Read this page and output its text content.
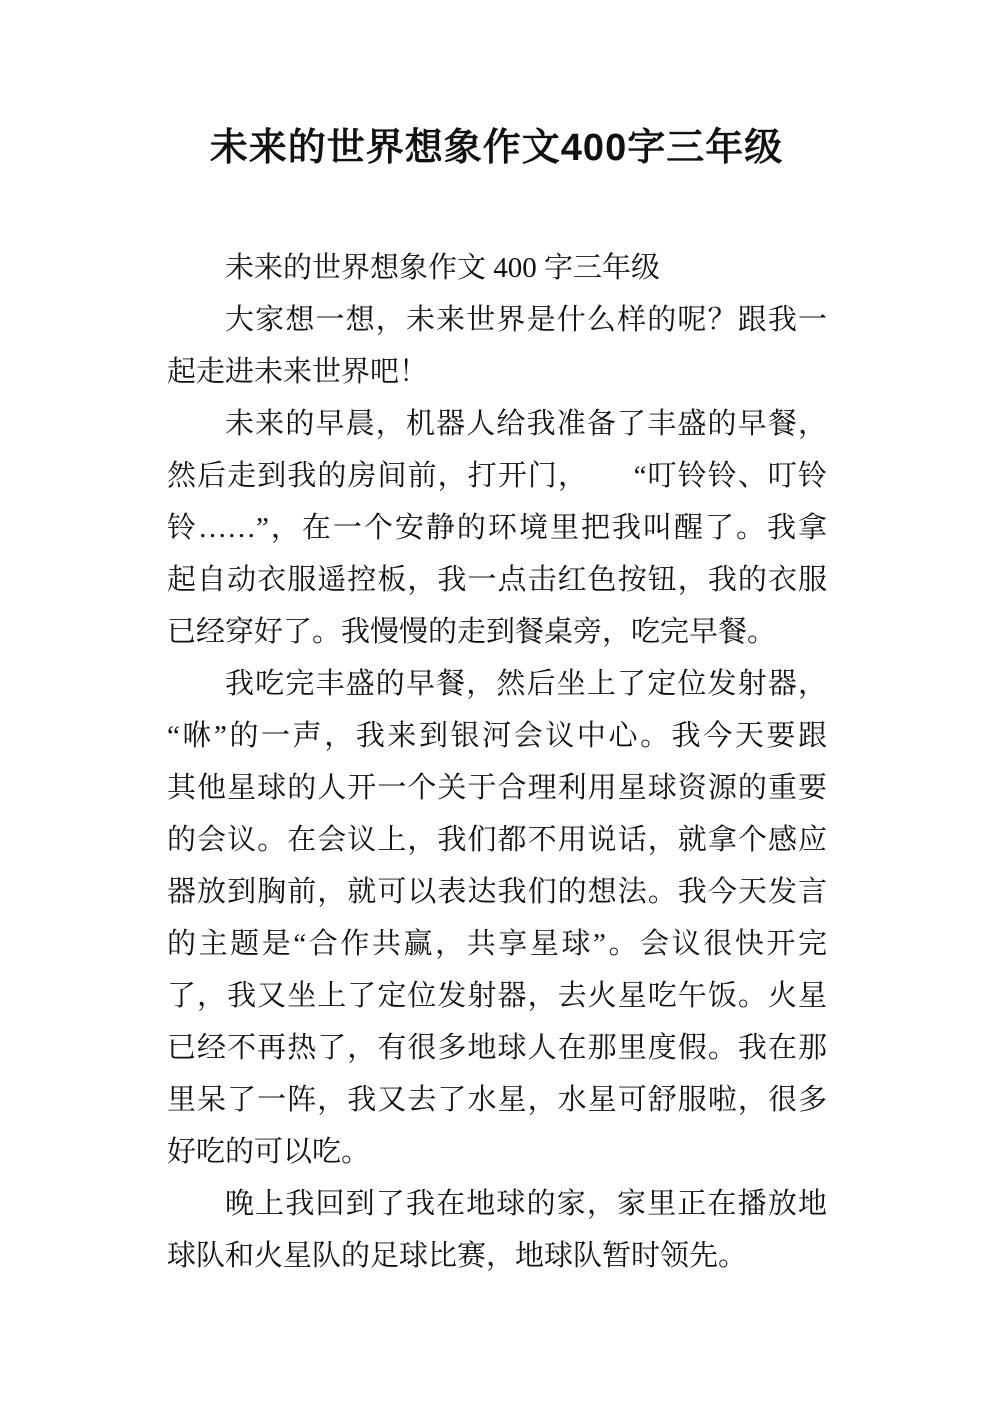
未来的世界想象作文400字三年级
未来的世界想象作文 400 字三年级
大家想一想，未来世界是什么样的呢？跟我一
起走进未来世界吧！
未来的早晨，机器人给我准备了丰盛的早餐，
然后走到我的房间前，打开门，　　“叮铃铃、叮铃
铃……”，在一个安静的环境里把我叫醒了。我拿
起自动衣服遥控板，我一点击红色按钮，我的衣服
已经穿好了。我慢慢的走到餐桌旁，吃完早餐。
我吃完丰盛的早餐，然后坐上了定位发射器，
“咻”的一声，我来到银河会议中心。我今天要跟
其他星球的人开一个关于合理利用星球资源的重要
的会议。在会议上，我们都不用说话，就拿个感应
器放到胸前，就可以表达我们的想法。我今天发言
的主题是“合作共赢，共享星球”。会议很快开完
了，我又坐上了定位发射器，去火星吃午饭。火星
已经不再热了，有很多地球人在那里度假。我在那
里呆了一阵，我又去了水星，水星可舒服啦，很多
好吃的可以吃。
晚上我回到了我在地球的家，家里正在播放地
球队和火星队的足球比赛，地球队暂时领先。
